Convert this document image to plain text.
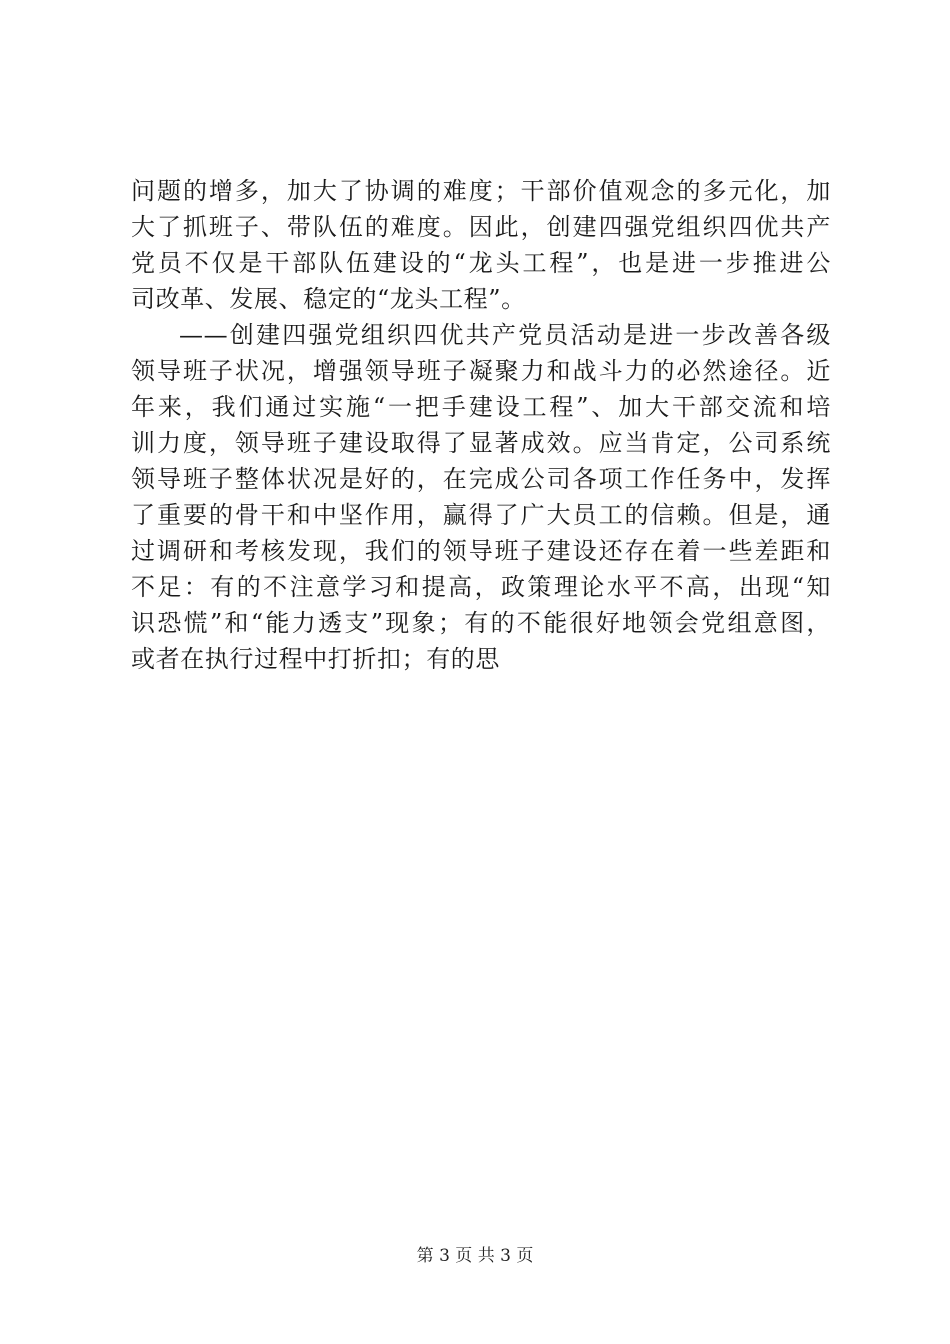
问题的增多，加大了协调的难度；干部价值观念的多元化，加
大了抓班子、带队伍的难度。因此，创建四强党组织四优共产
党员不仅是干部队伍建设的“龙头工程”，也是进一步推进公
司改革、发展、稳定的“龙头工程”。
——创建四强党组织四优共产党员活动是进一步改善各级
领导班子状况，增强领导班子凝聚力和战斗力的必然途径。近
年来，我们通过实施“一把手建设工程”、加大干部交流和培
训力度，领导班子建设取得了显著成效。应当肯定，公司系统
领导班子整体状况是好的，在完成公司各项工作任务中，发挥
了重要的骨干和中坚作用，赢得了广大员工的信赖。但是，通
过调研和考核发现，我们的领导班子建设还存在着一些差距和
不足：有的不注意学习和提高，政策理论水平不高，出现“知
识恐慌”和“能力透支”现象；有的不能很好地领会党组意图，
或者在执行过程中打折扣；有的思
第 3 页 共 3 页
